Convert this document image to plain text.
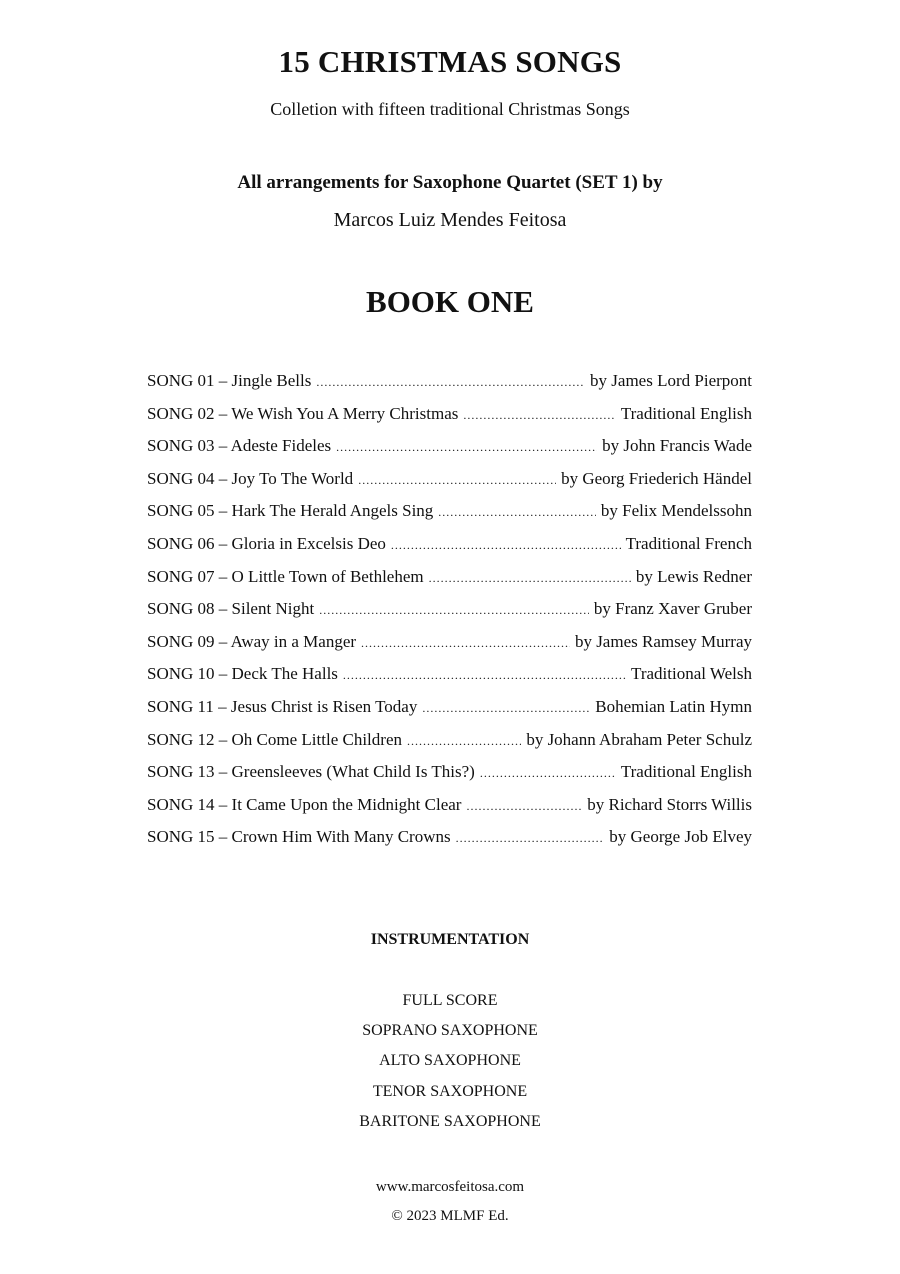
15 CHRISTMAS SONGS
Colletion with fifteen traditional Christmas Songs
All arrangements for Saxophone Quartet (SET 1) by
Marcos Luiz Mendes Feitosa
BOOK ONE
SONG 01 – Jingle Bells .....	by James Lord Pierpont
SONG 02 – We Wish You A Merry Christmas .....	Traditional English
SONG 03 – Adeste Fideles .....	by John Francis Wade
SONG 04 – Joy To The World .....	by Georg Friederich Händel
SONG 05 – Hark The Herald Angels Sing .....	by Felix Mendelssohn
SONG 06 – Gloria in Excelsis Deo .....	Traditional French
SONG 07 – O Little Town of Bethlehem .....	by Lewis Redner
SONG 08 – Silent Night .....	by Franz Xaver Gruber
SONG 09 – Away in a Manger .....	by James Ramsey Murray
SONG 10 – Deck The Halls .....	Traditional Welsh
SONG 11 – Jesus Christ is Risen Today .....	Bohemian Latin Hymn
SONG 12 – Oh Come Little Children .....	by Johann Abraham Peter Schulz
SONG 13 – Greensleeves (What Child Is This?) .....	Traditional English
SONG 14 – It Came Upon the Midnight Clear .....	by Richard Storrs Willis
SONG 15 – Crown Him With Many Crowns .....	by George Job Elvey
INSTRUMENTATION
FULL SCORE
SOPRANO SAXOPHONE
ALTO SAXOPHONE
TENOR SAXOPHONE
BARITONE SAXOPHONE
www.marcosfeitosa.com
© 2023 MLMF Ed.
